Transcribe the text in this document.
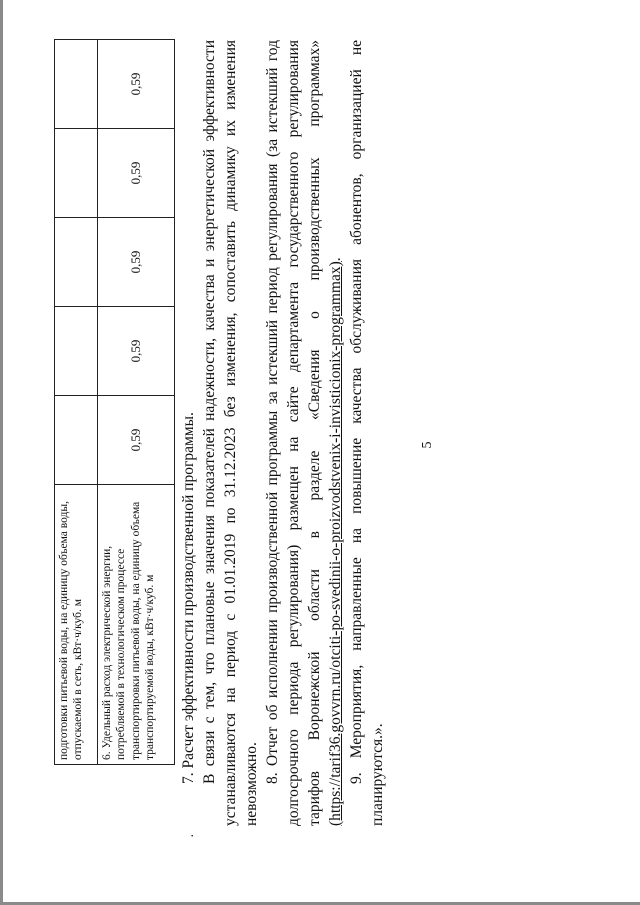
5
подготовки питьевой воды, на единицу объема воды, отпускаемой в сеть, кВт·ч/куб. м					
6. Удельный расход электрической энергии, потребляемой в технологическом процессе транспортировки питьевой воды, на единицу объема транспортируемой воды, кВт·ч/куб. м	0,59	0,59	0,59	0,59	0,59
·

7. Расчет эффективности производственной программы. В связи с тем, что плановые значения показателей надежности, качества и энергетической эффективности устанавливаются на период с 01.01.2019 по 31.12.2023 без изменения, сопоставить динамику их изменения невозможно.

8. Отчет об исполнении производственной программы за истекший период регулирования (за истекший год долгосрочного периода регулирования) размещен на сайте департамента государственного регулирования тарифов Воронежской области в разделе «Сведения о производственных программах» (https://tarif36.govvrn.ru/otciti-po-svedinii-o-proizvodstvenix-i-invisticionix-programmax). 9. Мероприятия, направленные на повышение качества обслуживания абонентов, организацией не планируются.».
